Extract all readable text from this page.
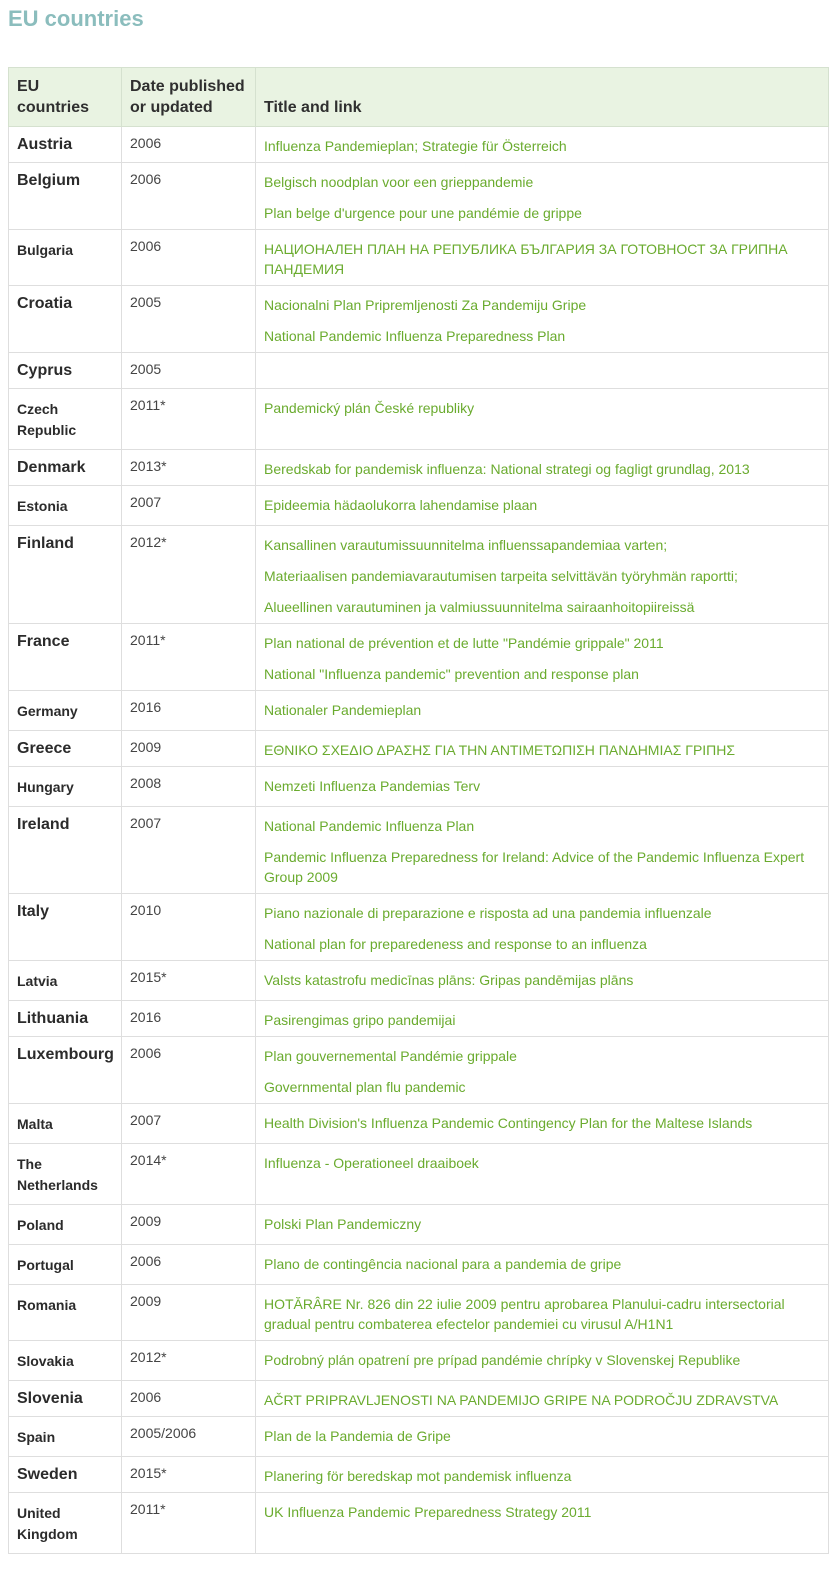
EU countries
EU countries	Date published or updated	Title and link
Austria	2006	Influenza Pandemieplan; Strategie für Österreich

Belgium	2006	Belgisch noodplan voor een grieppandemie
Plan belge d'urgence pour une pandémie de grippe

Bulgaria	2006	НАЦИОНАЛЕН ПЛАН НА РЕПУБЛИКА БЪЛГАРИЯ ЗА ГОТОВНОСТ ЗА ГРИПНА ПАНДЕМИЯ

Croatia	2005	Nacionalni Plan Pripremljenosti Za Pandemiju Gripe
National Pandemic Influenza Preparedness Plan

Cyprus	2005	
Czech Republic	2011*	Pandemický plán České republiky

Denmark	2013*	Beredskab for pandemisk influenza: National strategi og fagligt grundlag, 2013

Estonia	2007	Epideemia hädaolukorra lahendamise plaan

Finland	2012*	Kansallinen varautumissuunnitelma influenssapandemiaa varten;
Materiaalisen pandemiavarautumisen tarpeita selvittävän työryhmän raportti;
Alueellinen varautuminen ja valmiussuunnitelma sairaanhoitopiireissä

France	2011*	Plan national de prévention et de lutte "Pandémie grippale" 2011
National "Influenza pandemic" prevention and response plan

Germany	2016	Nationaler Pandemieplan

Greece	2009	ΕΘΝΙΚΟ ΣΧΕΔΙΟ ΔΡΑΣΗΣ ΓΙΑ ΤΗΝ ΑΝΤΙΜΕΤΩΠΙΣΗ ΠΑΝΔΗΜΙΑΣ ΓΡΙΠΗΣ

Hungary	2008	Nemzeti Influenza Pandemias Terv

Ireland	2007	National Pandemic Influenza Plan
Pandemic Influenza Preparedness for Ireland: Advice of the Pandemic Influenza Expert Group 2009

Italy	2010	Piano nazionale di preparazione e risposta ad una pandemia influenzale
National plan for preparedeness and response to an influenza

Latvia	2015*	Valsts katastrofu medicīnas plāns: Gripas pandēmijas plāns

Lithuania	2016	Pasirengimas gripo pandemijai

Luxembourg	2006	Plan gouvernemental Pandémie grippale
Governmental plan flu pandemic

Malta	2007	Health Division's Influenza Pandemic Contingency Plan for the Maltese Islands

The Netherlands	2014*	Influenza - Operationeel draaiboek

Poland	2009	Polski Plan Pandemiczny

Portugal	2006	Plano de contingência nacional para a pandemia de gripe

Romania	2009	HOTĂRÂRE Nr. 826 din 22 iulie 2009 pentru aprobarea Planului-cadru intersectorial gradual pentru combaterea efectelor pandemiei cu virusul A/H1N1

Slovakia	2012*	Podrobný plán opatrení pre prípad pandémie chrípky v Slovenskej Republike

Slovenia	2006	AČRT PRIPRAVLJENOSTI NA PANDEMIJO GRIPE NA PODROČJU ZDRAVSTVA

Spain	2005/2006	Plan de la Pandemia de Gripe

Sweden	2015*	Planering för beredskap mot pandemisk influenza

United Kingdom	2011*	UK Influenza Pandemic Preparedness Strategy 2011
